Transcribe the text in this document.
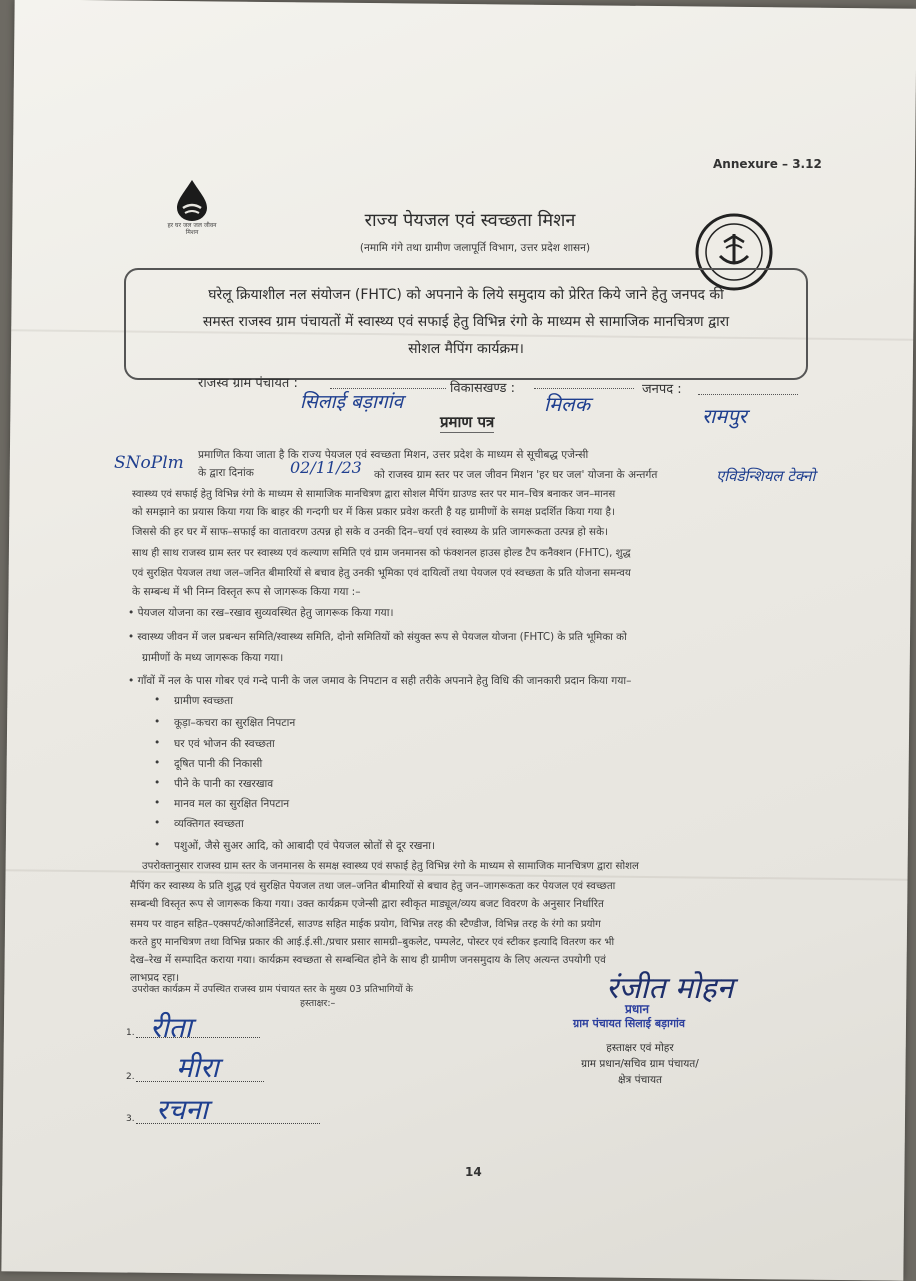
Annexure – 3.12
हर घर जल जल जीवन मिशन
राज्य पेयजल एवं स्वच्छता मिशन
(नमामि गंगे तथा ग्रामीण जलापूर्ति विभाग, उत्तर प्रदेश शासन)
घरेलू क्रियाशील नल संयोजन (FHTC) को अपनाने के लिये समुदाय को प्रेरित किये जाने हेतु जनपद की
समस्त राजस्व ग्राम पंचायतों में स्वास्थ्य एवं सफाई हेतु विभिन्न रंगो के माध्यम से सामाजिक मानचित्रण द्वारा
सोशल मैपिंग कार्यक्रम।
राजस्व ग्राम पंचायत :	विकासखण्ड :	जनपद :
सिलाई बड़ागांव	मिलक	रामपुर
प्रमाण पत्र
प्रमाणित किया जाता है कि राज्य पेयजल एवं स्वच्छता मिशन, उत्तर प्रदेश के माध्यम से सूचीबद्ध एजेन्सी
SNoPlm के द्वारा दिनांक 02/11/23 को राजस्व ग्राम स्तर पर जल जीवन मिशन 'हर घर जल' योजना के अन्तर्गत	एविडेन्शियल टेक्नो
स्वास्थ्य एवं सफाई हेतु विभिन्न रंगो के माध्यम से सामाजिक मानचित्रण द्वारा सोशल मैपिंग ग्राउण्ड स्तर पर मान–चित्र बनाकर जन–मानस
को समझाने का प्रयास किया गया कि बाहर की गन्दगी घर में किस प्रकार प्रवेश करती है यह ग्रामीणों के समक्ष प्रदर्शित किया गया है।
जिससे की हर घर में साफ–सफाई का वातावरण उत्पन्न हो सके व उनकी दिन–चर्या एवं स्वास्थ्य के प्रति जागरूकता उत्पन्न हो सके।
साथ ही साथ राजस्व ग्राम स्तर पर स्वास्थ्य एवं कल्याण समिति एवं ग्राम जनमानस को फंक्शनल हाउस होल्ड टैप कनैक्शन (FHTC), शुद्ध
एवं सुरक्षित पेयजल तथा जल–जनित बीमारियों से बचाव हेतु उनकी भूमिका एवं दायित्वों तथा पेयजल एवं स्वच्छता के प्रति योजना समन्वय
के सम्बन्ध में भी निम्न विस्तृत रूप से जागरूक किया गया :–
• पेयजल योजना का रख–रखाव सुव्यवस्थित हेतु जागरूक किया गया।
• स्वास्थ्य जीवन में जल प्रबन्धन समिति/स्वास्थ्य समिति, दोनो समितियों को संयुक्त रूप से पेयजल योजना (FHTC) के प्रति भूमिका को
ग्रामीणों के मध्य जागरूक किया गया।
• गाँवों में नल के पास गोबर एवं गन्दे पानी के जल जमाव के निपटान व सही तरीके अपनाने हेतु विधि की जानकारी प्रदान किया गया–
• ग्रामीण स्वच्छता
• कूड़ा–कचरा का सुरक्षित निपटान
• घर एवं भोजन की स्वच्छता
• दूषित पानी की निकासी
• पीने के पानी का रखरखाव
• मानव मल का सुरक्षित निपटान
• व्यक्तिगत स्वच्छता
• पशुओं, जैसे सुअर आदि, को आबादी एवं पेयजल स्रोतों से दूर रखना।
उपरोक्तानुसार राजस्व ग्राम स्तर के जनमानस के समक्ष स्वास्थ्य एवं सफाई हेतु विभिन्न रंगो के माध्यम से सामाजिक मानचित्रण द्वारा सोशल
मैपिंग कर स्वास्थ्य के प्रति शुद्ध एवं सुरक्षित पेयजल तथा जल–जनित बीमारियों से बचाव हेतु जन–जागरूकता कर पेयजल एवं स्वच्छता
सम्बन्धी विस्तृत रूप से जागरूक किया गया। उक्त कार्यक्रम एजेन्सी द्वारा स्वीकृत माड्यूल/व्यय बजट विवरण के अनुसार निर्धारित
समय पर वाहन सहित–एक्सपर्ट/कोआर्डिनेटर्स, साउण्ड सहित माईक प्रयोग, विभिन्न तरह की स्टैण्डीज, विभिन्न तरह के रंगो का प्रयोग
करते हुए मानचित्रण तथा विभिन्न प्रकार की आई.ई.सी./प्रचार प्रसार सामग्री–बुकलेट, पम्पलेट, पोस्टर एवं स्टीकर इत्यादि वितरण कर भी
देख–रेख में सम्पादित कराया गया। कार्यक्रम स्वच्छता से सम्बन्धित होने के साथ ही ग्रामीण जनसमुदाय के लिए अत्यन्त उपयोगी एवं
लाभप्रद रहा।
उपरोक्त कार्यक्रम में उपस्थित राजस्व ग्राम पंचायत स्तर के मुख्य 03 प्रतिभागियों के
हस्ताक्षर:–
1. रीता
2. मीरा
3. रचना
रंजीत मोहन
प्रधान
ग्राम पंचायत सिलाई बड़ागांव
हस्ताक्षर एवं मोहर
ग्राम प्रधान/सचिव ग्राम पंचायत/
क्षेत्र पंचायत
14
